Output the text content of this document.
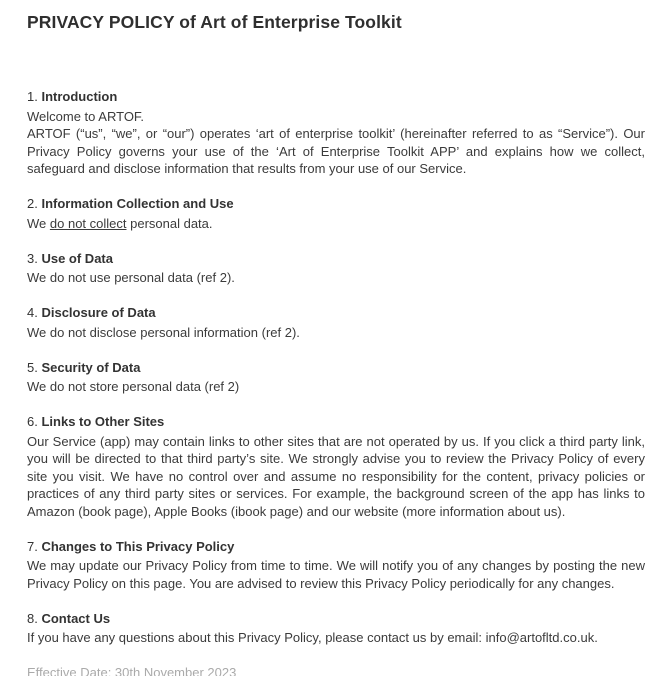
PRIVACY POLICY of Art of Enterprise Toolkit
1. Introduction

Welcome to ARTOF.

ARTOF (“us”, “we”, or “our”) operates ‘art of enterprise toolkit’ (hereinafter referred to as “Service”). Our Privacy Policy governs your use of the ‘Art of Enterprise Toolkit APP’ and explains how we collect, safeguard and disclose information that results from your use of our Service.

2. Information Collection and Use

We do not collect personal data.

3. Use of Data

We do not use personal data (ref 2).

4. Disclosure of Data

We do not disclose personal information (ref 2).

5. Security of Data

We do not store personal data (ref 2)

6. Links to Other Sites

Our Service (app) may contain links to other sites that are not operated by us. If you click a third party link, you will be directed to that third party’s site. We strongly advise you to review the Privacy Policy of every site you visit. We have no control over and assume no responsibility for the content, privacy policies or practices of any third party sites or services. For example, the background screen of the app has links to Amazon (book page), Apple Books (ibook page) and our website (more information about us).

7. Changes to This Privacy Policy

We may update our Privacy Policy from time to time. We will notify you of any changes by posting the new Privacy Policy on this page. You are advised to review this Privacy Policy periodically for any changes.

8. Contact Us

If you have any questions about this Privacy Policy, please contact us by email: info@artofltd.co.uk.

Effective Date: 30th November 2023
